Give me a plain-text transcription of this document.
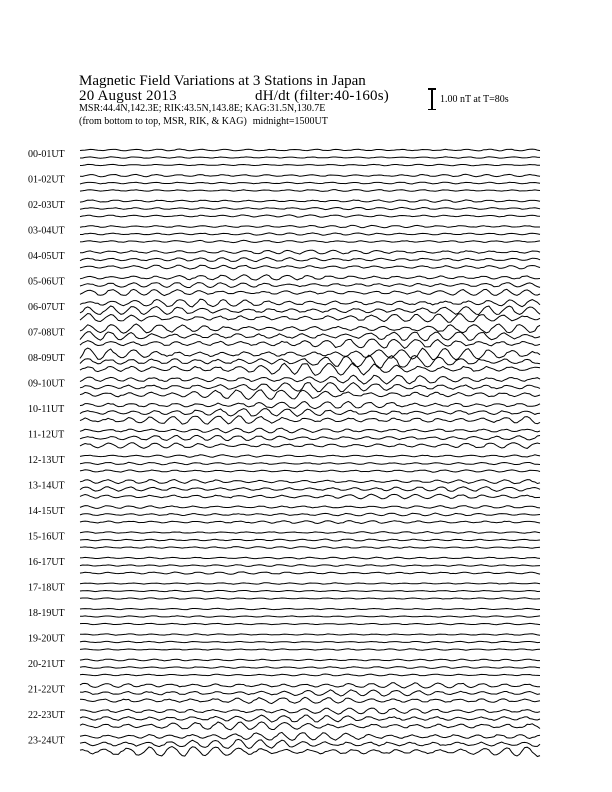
Magnetic Field Variations at 3 Stations in Japan
20 August 2013	dH/dt (filter:40-160s)
MSR:44.4N,142.3E; RIK:43.5N,143.8E; KAG:31.5N,130.7E
(from bottom to top, MSR, RIK, & KAG) midnight=1500UT
1.00 nT at T=80s
00-01UT
01-02UT
02-03UT
03-04UT
04-05UT
05-06UT
06-07UT
07-08UT
08-09UT
09-10UT
10-11UT
11-12UT
12-13UT
13-14UT
14-15UT
15-16UT
16-17UT
17-18UT
18-19UT
19-20UT
20-21UT
21-22UT
22-23UT
23-24UT
